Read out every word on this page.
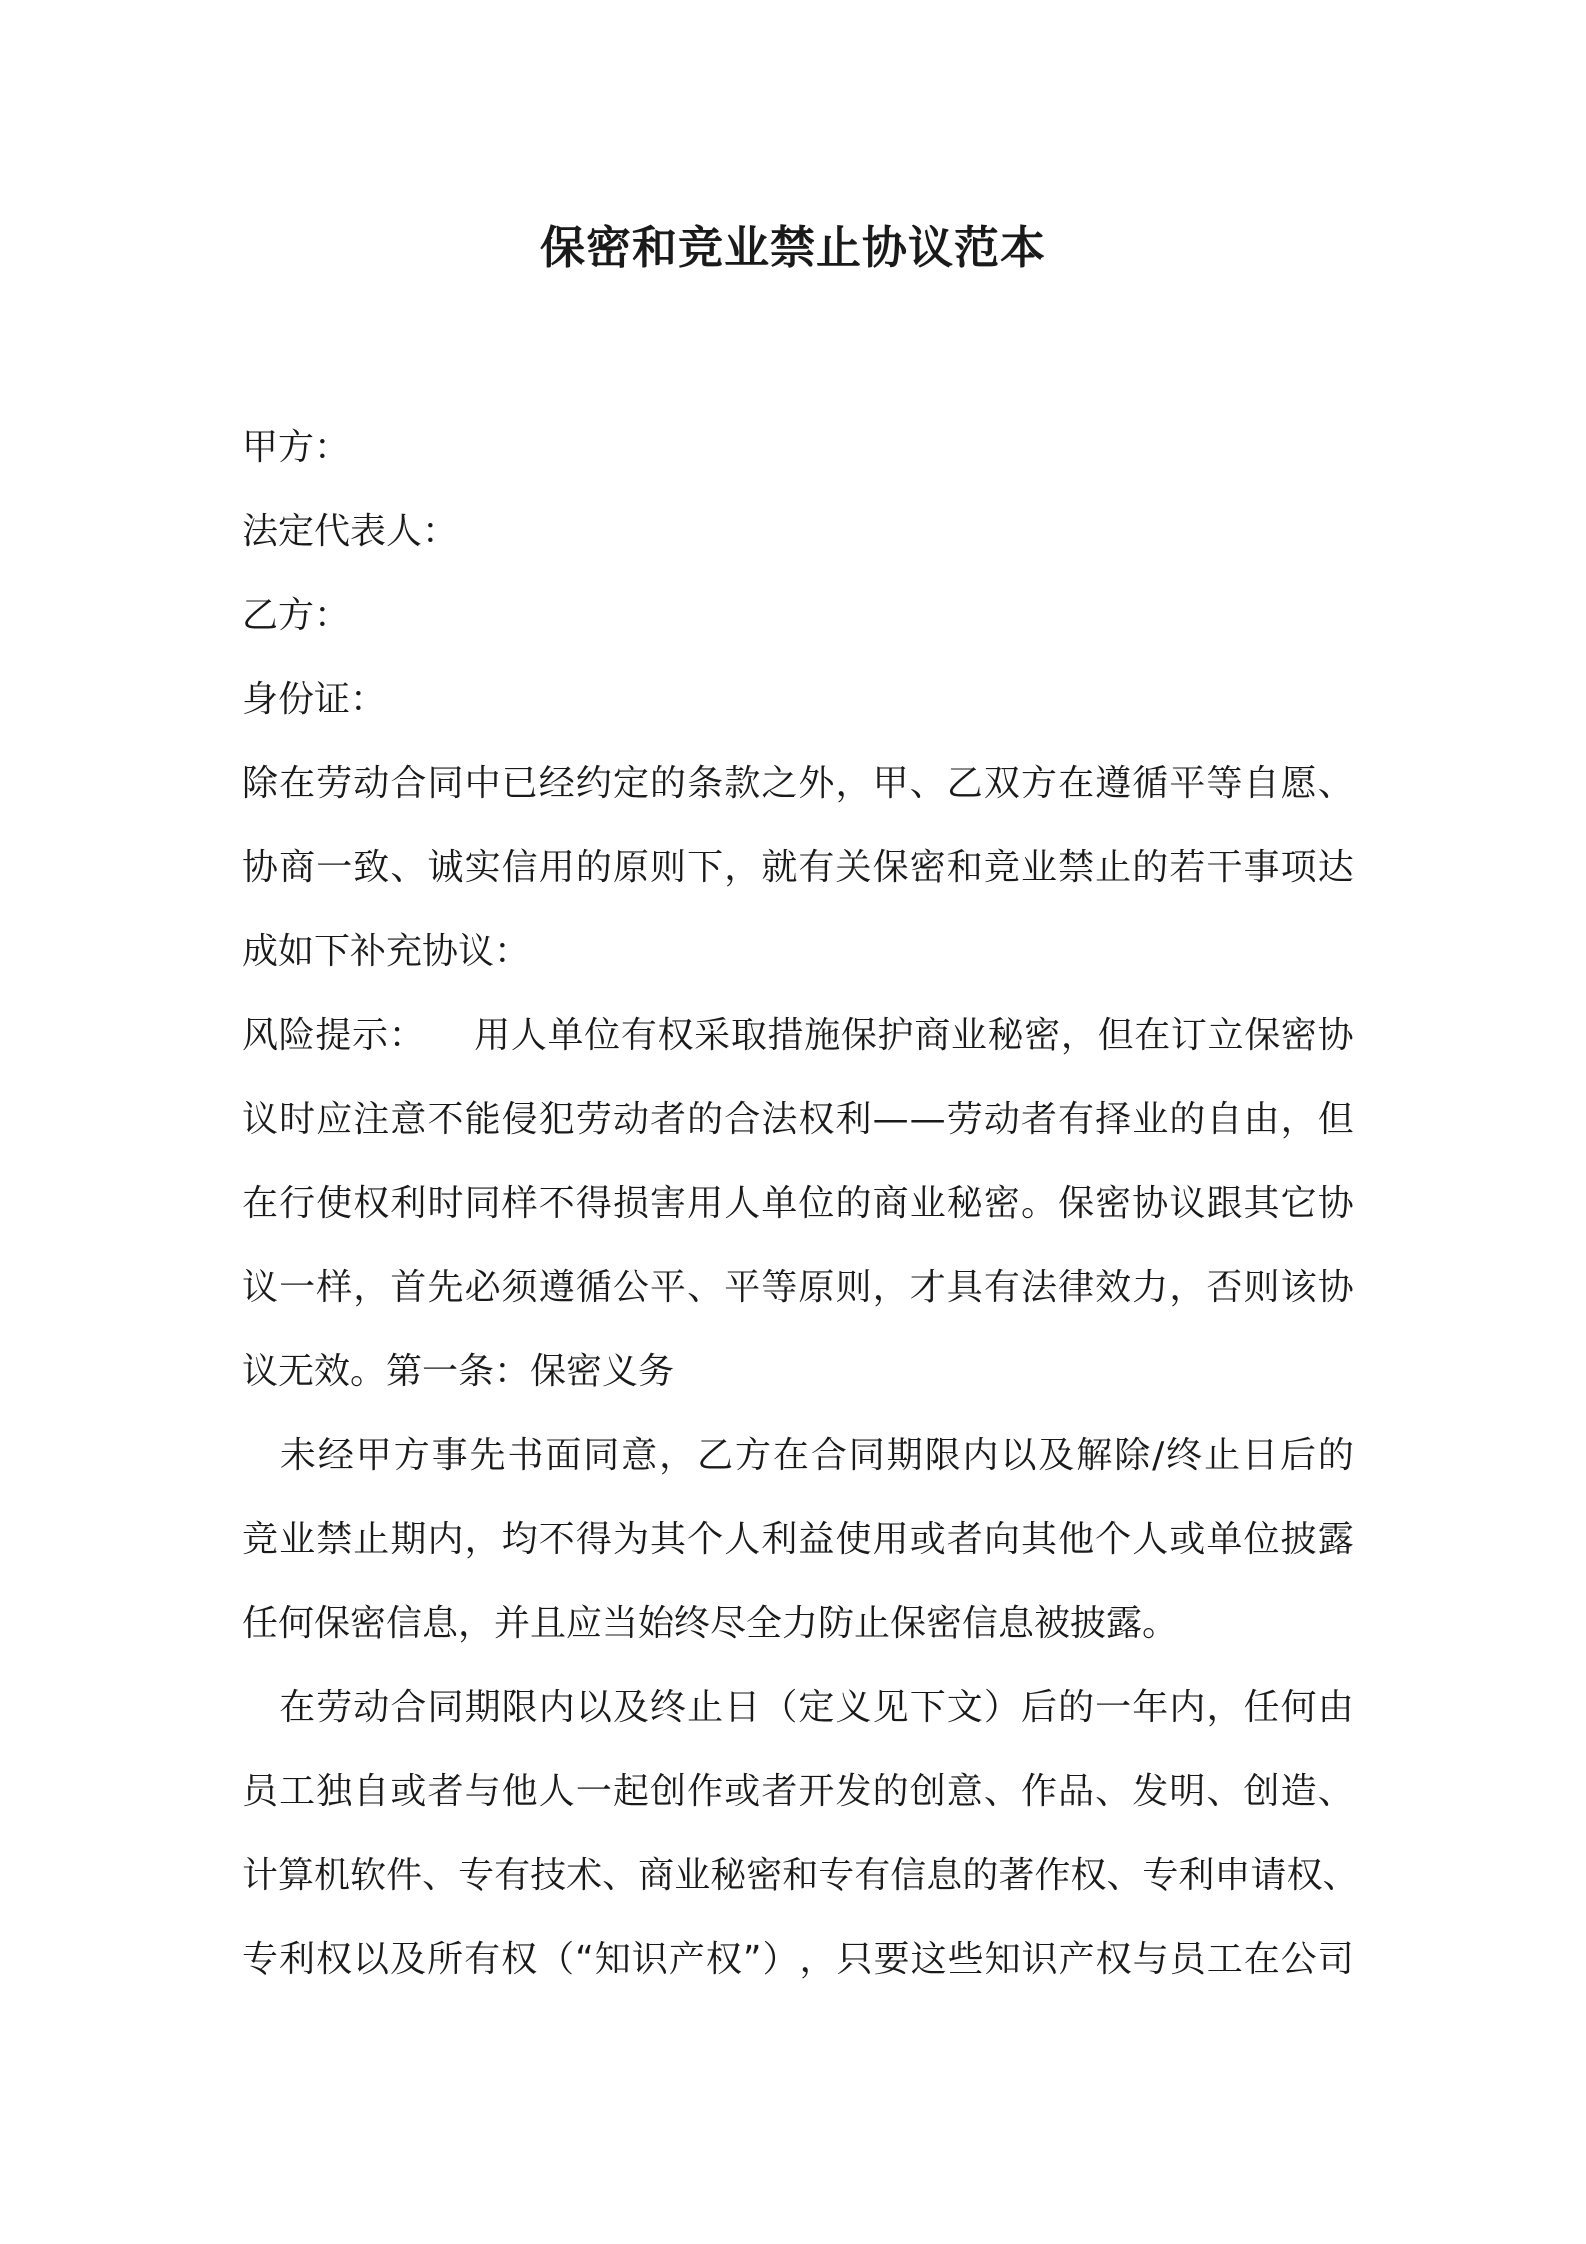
保密和竞业禁止协议范本
甲方：
法定代表人：
乙方：
身份证：
除 在 劳 动 合 同 中 已 经 约 定 的 条 款 之 外 ， 甲 、 乙 双 方 在 遵 循 平 等 自 愿 、
协 商 一 致 、 诚 实 信 用 的 原 则 下 ， 就 有 关 保 密 和 竞 业 禁 止 的 若 干 事 项 达
成如下补充协议：
风 险 提 示 ：

用 人 单 位 有 权 采 取 措 施 保 护 商 业 秘 密 ， 但 在 订 立 保 密 协
议 时 应 注 意 不 能 侵 犯 劳 动 者 的 合 法 权 利 — — 劳 动 者 有 择 业 的 自 由 ， 但
在 行 使 权 利 时 同 样 不 得 损 害 用 人 单 位 的 商 业 秘 密 。 保 密 协 议 跟 其 它 协
议 一 样 ， 首 先 必 须 遵 循 公 平 、 平 等 原 则 ， 才 具 有 法 律 效 力 ， 否 则 该 协
议无效。第一条：保密义务

未 经 甲 方 事 先 书 面 同 意 ， 乙 方 在 合 同 期 限 内 以 及 解 除 / 终 止 日 后 的
竞 业 禁 止 期 内 ， 均 不 得 为 其 个 人 利 益 使 用 或 者 向 其 他 个 人 或 单 位 披 露
任何保密信息，并且应当始终尽全力防止保密信息被披露。

在 劳 动 合 同 期 限 内 以 及 终 止 日 （ 定 义 见 下 文 ） 后 的 一 年 内 ， 任 何 由
员 工 独 自 或 者 与 他 人 一 起 创 作 或 者 开 发 的 创 意 、 作 品 、 发 明 、 创 造 、
计 算 机 软 件 、 专 有 技 术 、 商 业 秘 密 和 专 有 信 息 的 著 作 权 、 专 利 申 请 权 、
专 利 权 以 及 所 有 权 （ “ 知 识 产 权 ” ） ， 只 要 这 些 知 识 产 权 与 员 工 在 公 司
